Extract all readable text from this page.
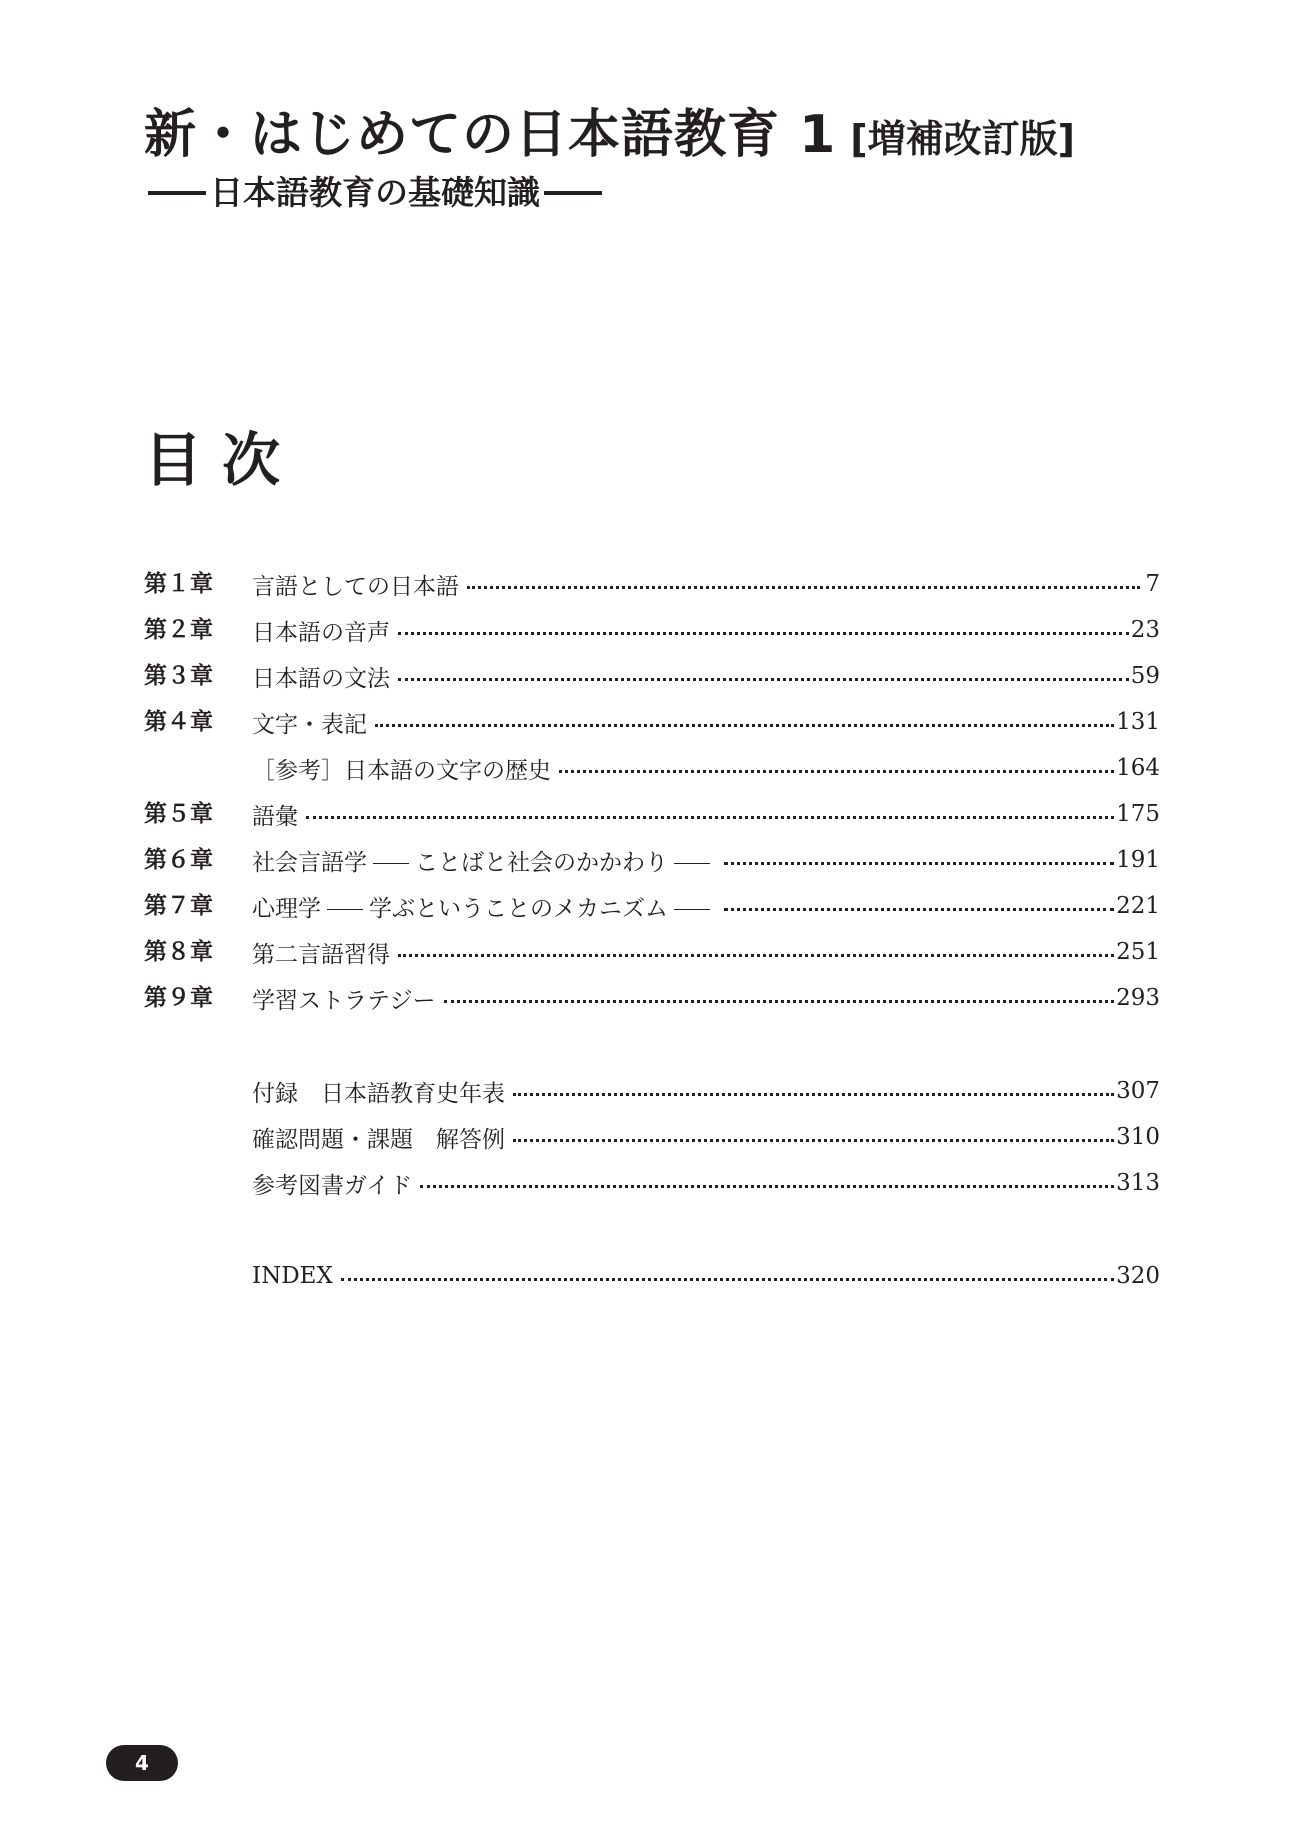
新・はじめての日本語教育 1 [増補改訂版]
日本語教育の基礎知識
目次
第１章	言語としての日本語	7
第２章	日本語の音声	23
第３章	日本語の文法	59
第４章	文字・表記	131
［参考］日本語の文字の歴史	164
第５章	語彙	175
第６章	社会言語学 ことばと社会のかかわり	191
第７章	心理学 学ぶということのメカニズム	221
第８章	第二言語習得	251
第９章	学習ストラテジー	293
付録　日本語教育史年表	307
確認問題・課題　解答例	310
参考図書ガイド	313
INDEX	320
4
